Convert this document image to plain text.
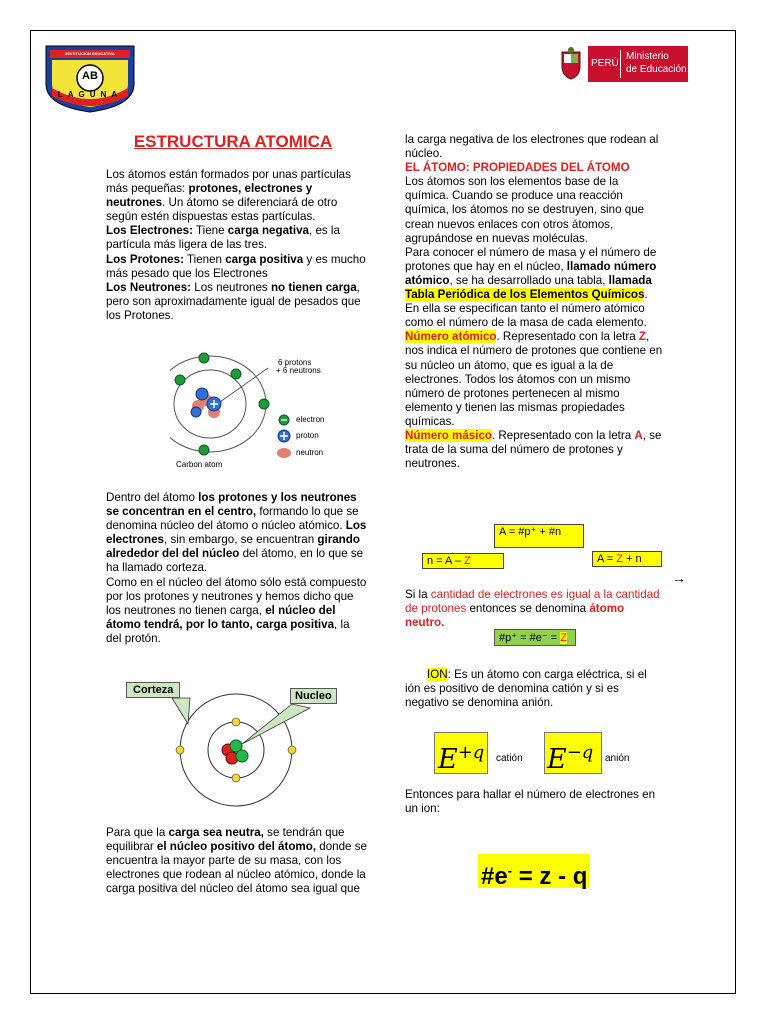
INSTITUCION EDUCATIVA
AB
LAGUNA
PERÚ
Ministerio
de Educación
ESTRUCTURA ATOMICA

Los átomos están formados por unas partículas más pequeñas: protones, electrones y neutrones. Un átomo se diferenciará de otro según estén dispuestas estas partículas.

Los Electrones: Tiene carga negativa, es la partícula más ligera de las tres.

Los Protones: Tienen carga positiva y es mucho más pesado que los Electrones

Los Neutrones: Los neutrones no tienen carga, pero son aproximadamente igual de pesados que los Protones.

6 protons
+ 6 neutrons
electron
proton
neutron
Carbon atom

Dentro del átomo los protones y los neutrones se concentran en el centro, formando lo que se denomina núcleo del átomo o núcleo atómico. Los electrones, sin embargo, se encuentran girando alrededor del del núcleo del átomo, en lo que se ha llamado corteza.

Como en el núcleo del átomo sólo está compuesto por los protones y neutrones y hemos dicho que los neutrones no tienen carga, el núcleo del átomo tendrá, por lo tanto, carga positiva, la del protón.

Corteza	Nucleo

Para que la carga sea neutra, se tendrán que equilibrar el núcleo positivo del átomo, donde se encuentra la mayor parte de su masa, con los electrones que rodean al núcleo atómico, donde la carga positiva del núcleo del átomo sea igual que

la carga negativa de los electrones que rodean al núcleo.

EL ÁTOMO: PROPIEDADES DEL ÁTOMO

Los átomos son los elementos base de la química. Cuando se produce una reacción química, los átomos no se destruyen, sino que crean nuevos enlaces con otros átomos, agrupándose en nuevas moléculas.

Para conocer el número de masa y el número de protones que hay en el núcleo, llamado número atómico, se ha desarrollado una tabla, llamada Tabla Periódica de los Elementos Químicos. En ella se especifican tanto el número atómico como el número de la masa de cada elemento.

Número atómico. Representado con la letra Z, nos indica el número de protones que contiene en su núcleo un átomo, que es igual a la de electrones. Todos los átomos con un mismo número de protones pertenecen al mismo elemento y tienen las mismas propiedades químicas.

Número másico. Representado con la letra A, se trata de la suma del número de protones y neutrones.

A = #p⁺ + #n
n = A – Z	A = Z + n
→

Si la cantidad de electrones es igual a la cantidad de protones entonces se denomina átomo neutro.

#p⁺ = #e⁻ = Z

ION: Es un átomo con carga eléctrica, si el ión es positivo de denomina catión y si es negativo se denomina anión.

$E^{+q}$ catión $E^{-q}$ anión

Entonces para hallar el número de electrones en un ion:

#e- = z - q
